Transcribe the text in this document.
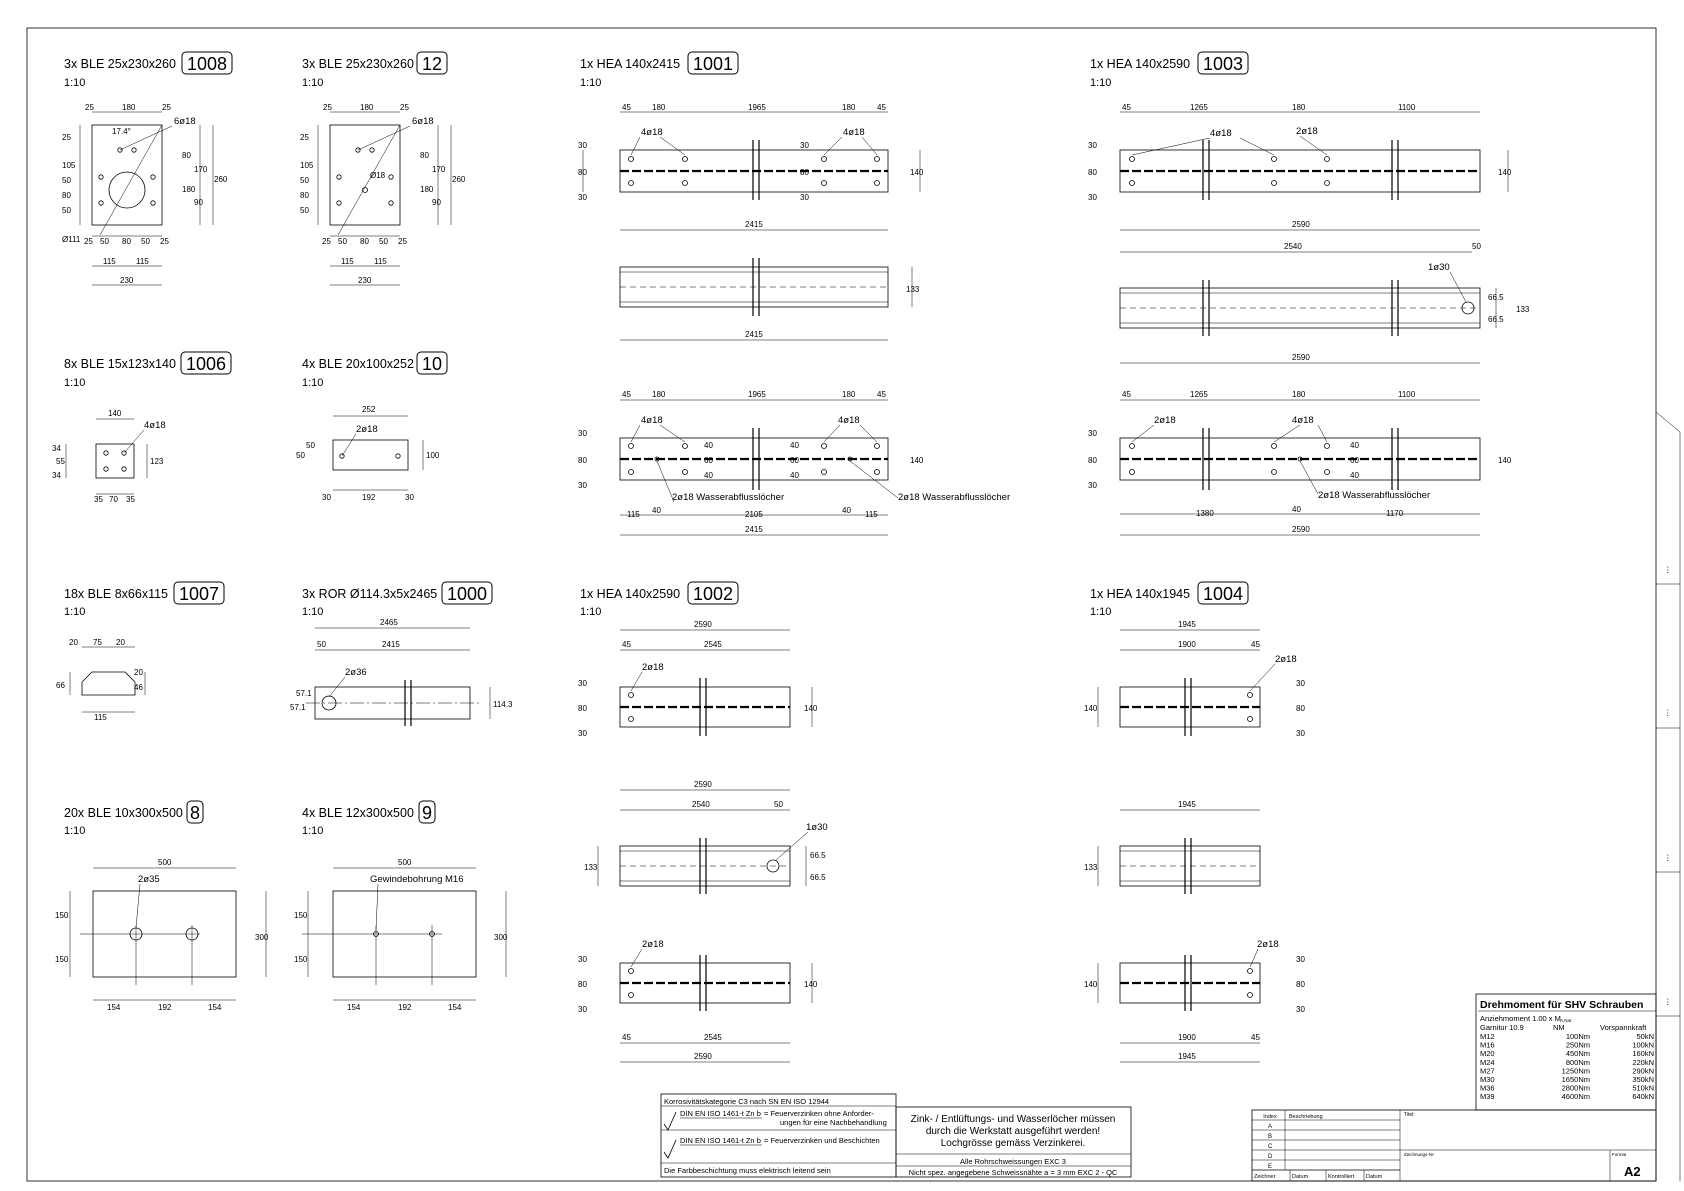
⋮
⋮
⋮
⋮
3x BLE 25x230x260 1008
1:10
25	180	25
17.4°
6ø18
25
105
50
80
50
80
170
180
90
260
Ø111 25 50 80 50 25
115	115
230
3x BLE 25x230x260 12
1:10
25	180	25
Ø18
6ø18
25
105
50
80
50
80
170
180
90
260
25 50 80 50 25
115	115
230
8x BLE 15x123x140 1006
1:10
140
4ø18
34
55
34
123
35 70 35
4x BLE 20x100x252 10
1:10
252
2ø18
50
50
100
30	192	30
18x BLE 8x66x115 1007
1:10
20 75 20
66
20
46
115
3x ROR Ø114.3x5x2465 1000
1:10
2465
50	2415
2ø36
57.1
57.1
114.3
20x BLE 10x300x500 8
1:10
500
2ø35
150
150
300
154	192	154
4x BLE 12x300x500 9
1:10
500
Gewindebohrung M16
150
150
300
154	192	154
1x HEA 140x2415 1001
1:10
45	180	1965	180	45
4ø18	4ø18
30
80
30
30
80
30
140
2415
133
2415
45	180	1965	180	45
4ø18	4ø18
30
80
30
40
60
40
40
60
40
140
2ø18 Wasserabflusslöcher	2ø18 Wasserabflusslöcher
115 40	2105	40 115
2415
1x HEA 140x2590 1003
1:10
45	1265	180	1100
4ø18	2ø18
30
80
30
140
2590
2540	50
1ø30
66.5
66.5
133
2590
45	1265	180	1100
2ø18	4ø18
30
80
30
40
60
40
140
2ø18 Wasserabflusslöcher
1380	40	1170
2590
1x HEA 140x2590 1002
1:10
2590
45	2545
2ø18
30
80
30
140
2590
2540	50
1ø30
133
66.5
66.5
2ø18
30
80
30
140
45	2545
2590
1x HEA 140x1945 1004
1:10
1945
1900	45
2ø18
140
30
80
30
1945
133
2ø18
140
30
80
30
1900	45
1945
Drehmoment für SHV Schrauben
Anziehmoment 1.00 x M A,Nat
Garnitur 10.9	NM	Vorspannkraft
M12	100Nm	50kN
M16	250Nm	100kN
M20	450Nm	160kN
M24	800Nm	220kN
M27	1250Nm	290kN
M30	1650Nm	350kN
M36	2800Nm	510kN
M39	4600Nm	640kN
Korrosivitätskategorie C3 nach SN EN ISO 12944
DIN EN ISO 1461-t Zn b = Feuerverzinken ohne Anforder-
ungen für eine Nachbehandlung
DIN EN ISO 1461-t Zn b = Feuerverzinken und Beschichten
Die Farbbeschichtung muss elektrisch leitend sein
Zink- / Entlüftungs- und Wasserlöcher müssen
durch die Werkstatt ausgeführt werden!
Lochgrösse gemäss Verzinkerei.
Alle Rohrschweissungen EXC 3
Nicht spez. angegebene Schweissnähte a = 3 mm EXC 2 - QC
Index Beschriebung
A
B
C
D
E
Zeichner	Datum	Kontrolliert Datum
Titel:
Zeichnungs-Nr:	Format
A2
